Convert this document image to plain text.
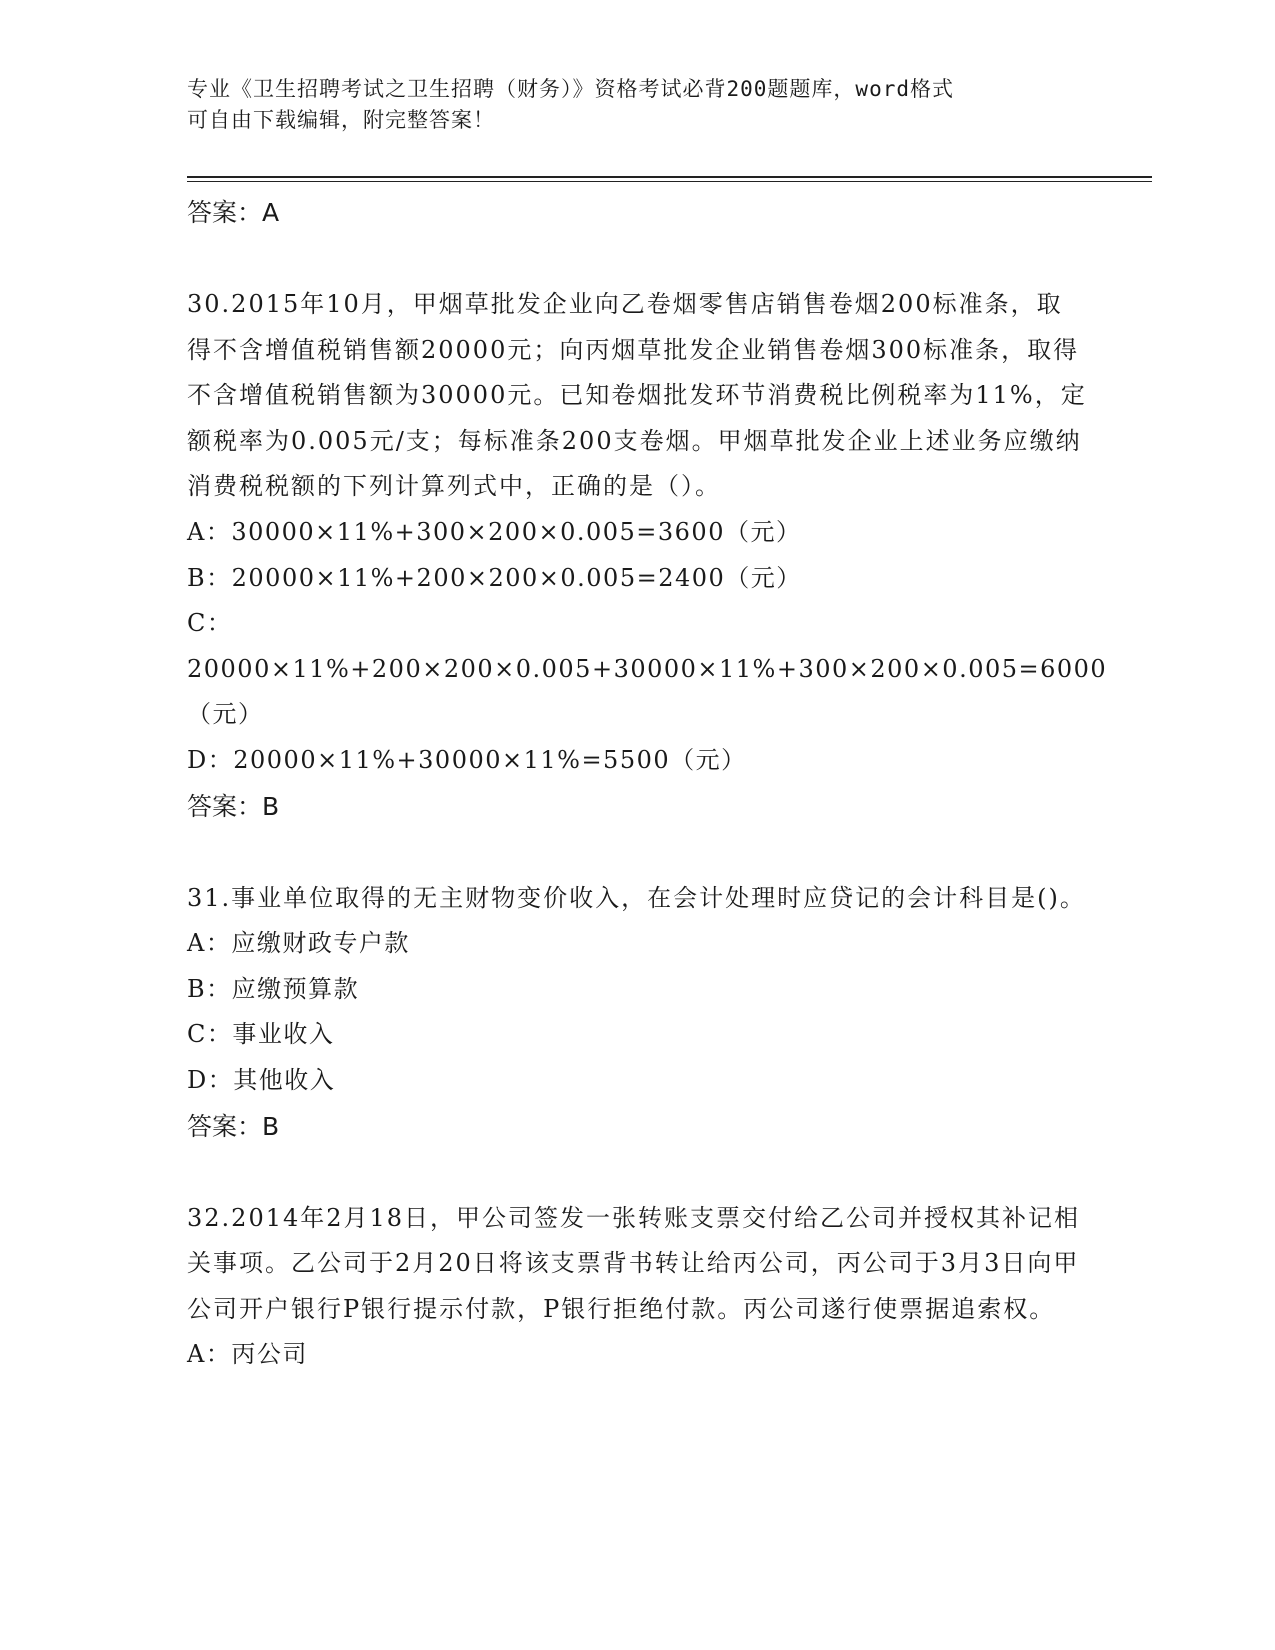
专业《卫生招聘考试之卫生招聘（财务）》资格考试必背200题题库，word格式
可自由下载编辑，附完整答案！

答案：A

30.2015年10月，甲烟草批发企业向乙卷烟零售店销售卷烟200标准条，取得不含增值税销售额20000元；向丙烟草批发企业销售卷烟300标准条，取得不含增值税销售额为30000元。已知卷烟批发环节消费税比例税率为11%，定额税率为0.005元/支；每标准条200支卷烟。甲烟草批发企业上述业务应缴纳消费税税额的下列计算列式中，正确的是（）。

A：30000×11%+300×200×0.005=3600（元）

B：20000×11%+200×200×0.005=2400（元）

C：20000×11%+200×200×0.005+30000×11%+300×200×0.005=6000（元）

D：20000×11%+30000×11%=5500（元）

答案：B

31.事业单位取得的无主财物变价收入，在会计处理时应贷记的会计科目是()。

A：应缴财政专户款

B：应缴预算款

C：事业收入

D：其他收入

答案：B

32.2014年2月18日，甲公司签发一张转账支票交付给乙公司并授权其补记相关事项。乙公司于2月20日将该支票背书转让给丙公司，丙公司于3月3日向甲公司开户银行P银行提示付款，P银行拒绝付款。丙公司遂行使票据追索权。

A：丙公司
